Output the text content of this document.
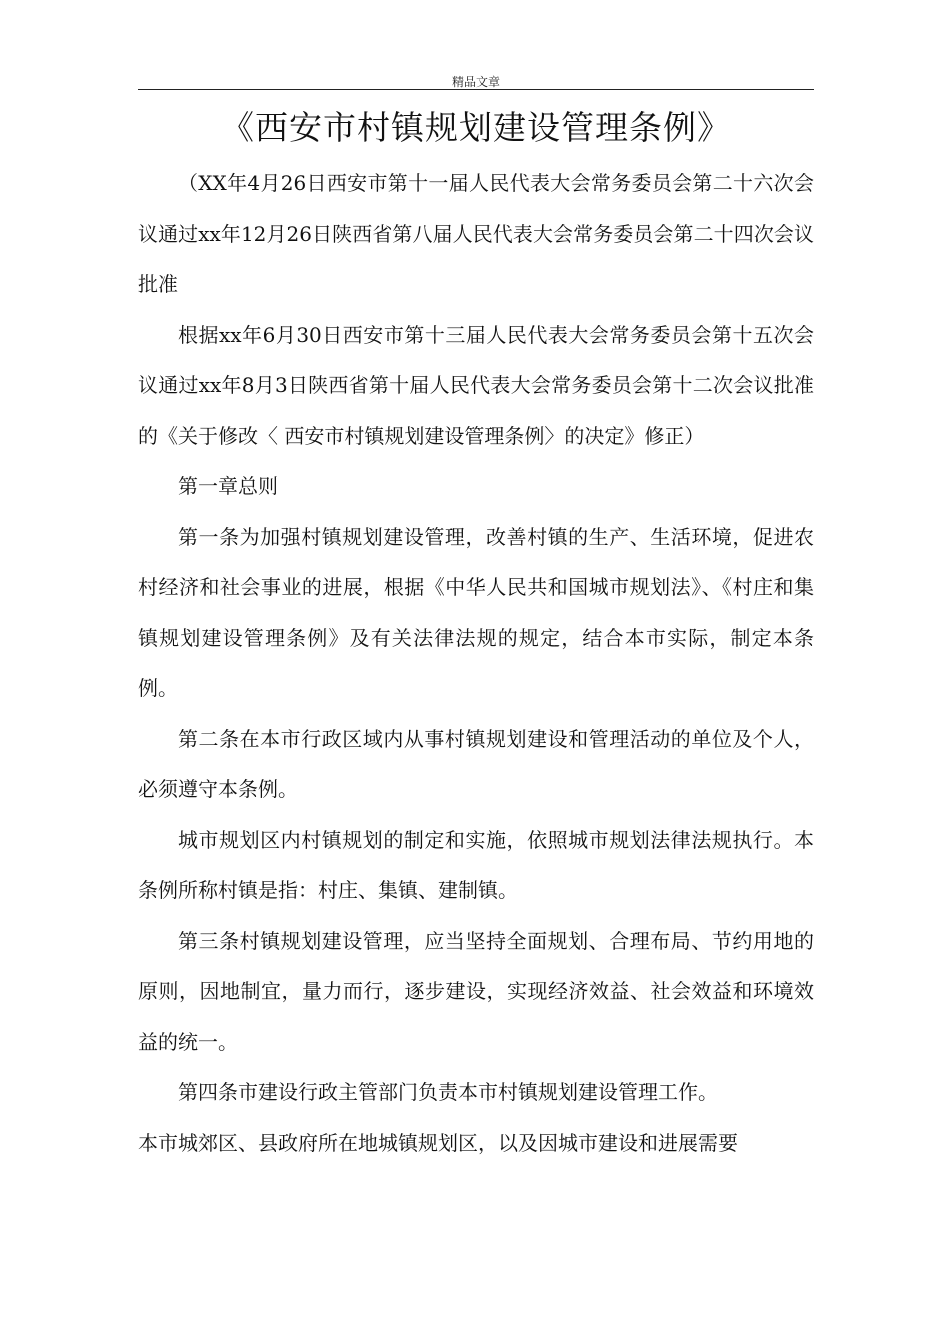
精品文章
《西安市村镇规划建设管理条例》

（XX年4月26日西安市第十一届人民代表大会常务委员会第二十六次会议通过xx年12月26日陕西省第八届人民代表大会常务委员会第二十四次会议批准

根据xx年6月30日西安市第十三届人民代表大会常务委员会第十五次会议通过xx年8月3日陕西省第十届人民代表大会常务委员会第十二次会议批准的《关于修改〈 西安市村镇规划建设管理条例〉的决定》修正）

第一章总则

第一条为加强村镇规划建设管理，改善村镇的生产、生活环境，促进农村经济和社会事业的进展，根据《中华人民共和国城市规划法》、《村庄和集镇规划建设管理条例》及有关法律法规的规定，结合本市实际，制定本条例。

第二条在本市行政区域内从事村镇规划建设和管理活动的单位及个人，必须遵守本条例。

城市规划区内村镇规划的制定和实施，依照城市规划法律法规执行。本条例所称村镇是指：村庄、集镇、建制镇。

第三条村镇规划建设管理，应当坚持全面规划、合理布局、节约用地的原则，因地制宜，量力而行，逐步建设，实现经济效益、社会效益和环境效益的统一。

第四条市建设行政主管部门负责本市村镇规划建设管理工作。

本市城郊区、县政府所在地城镇规划区，以及因城市建设和进展需要
